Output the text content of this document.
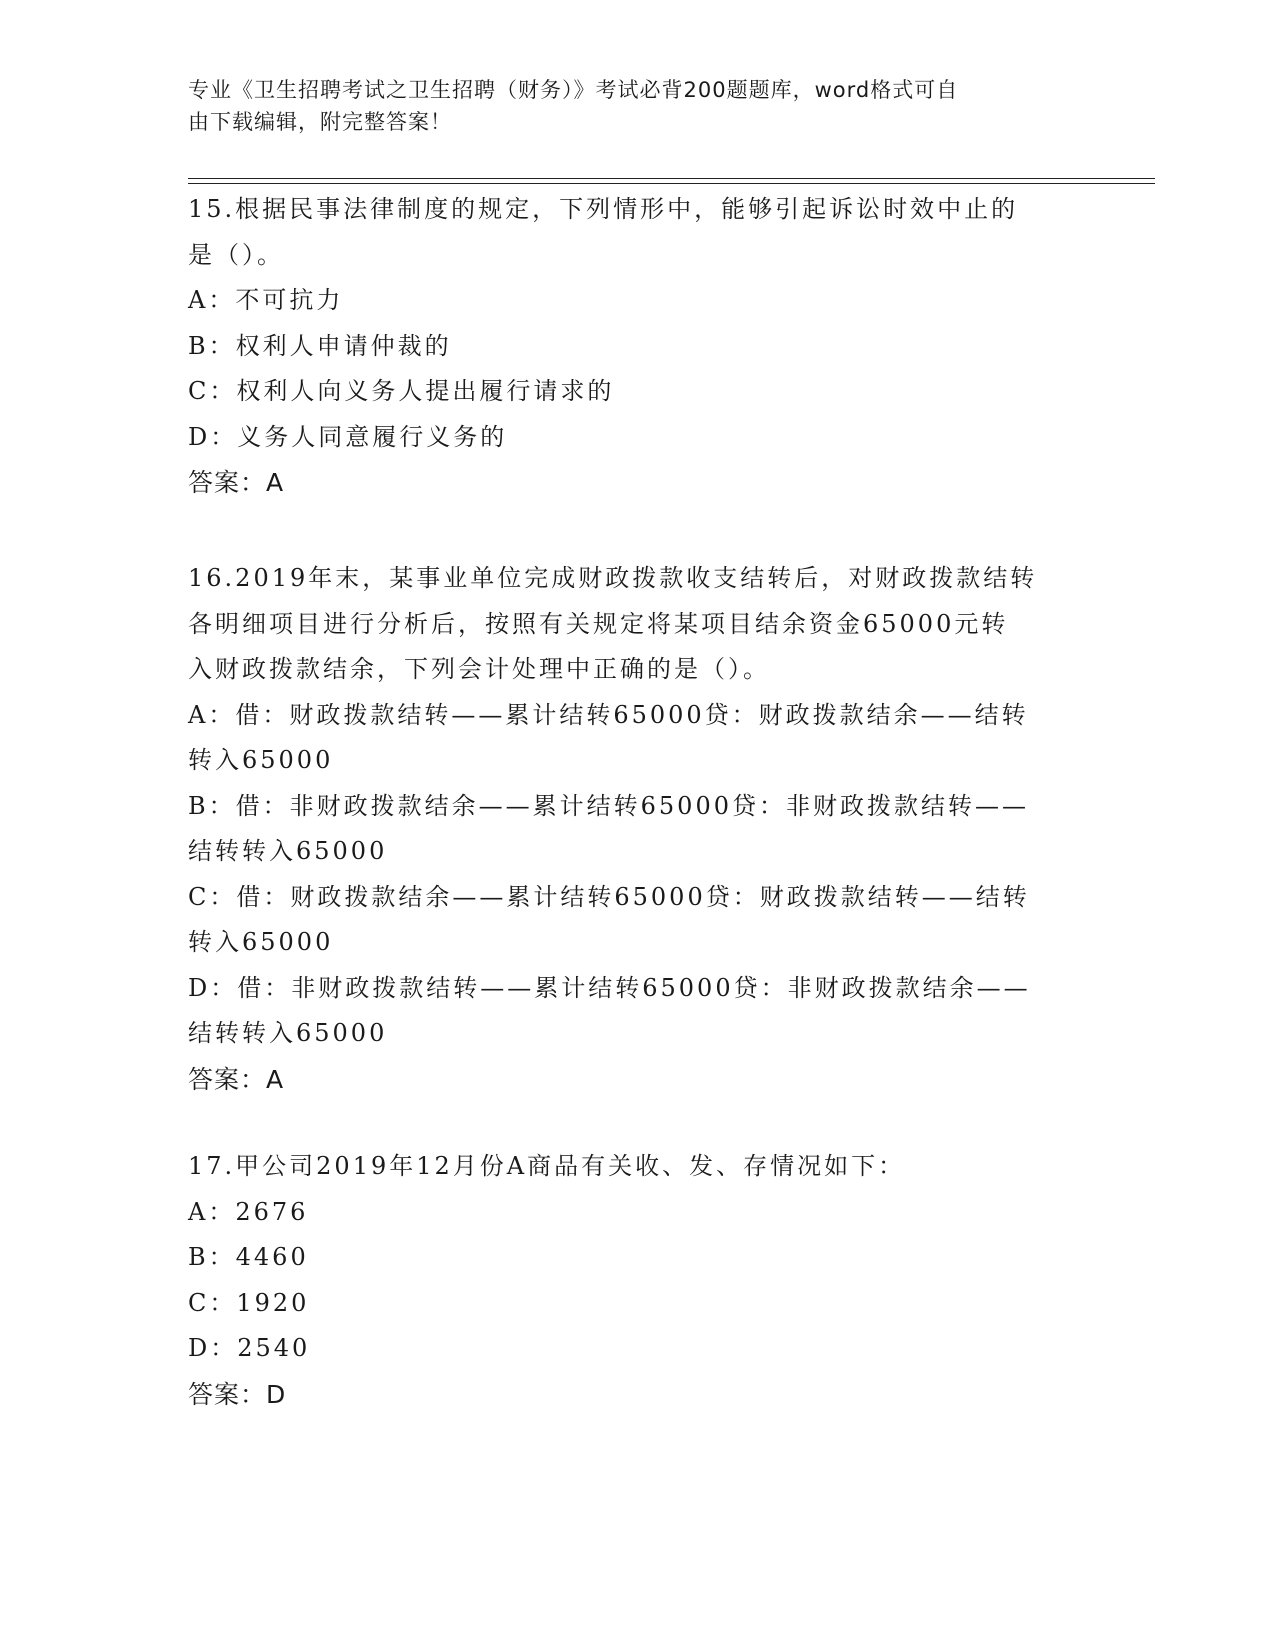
专业《卫生招聘考试之卫生招聘（财务）》考试必背200题题库，word格式可自
由下载编辑，附完整答案！
15.根据民事法律制度的规定，下列情形中，能够引起诉讼时效中止的
是（）。
A：不可抗力
B：权利人申请仲裁的
C：权利人向义务人提出履行请求的
D：义务人同意履行义务的
答案：A
16.2019年末，某事业单位完成财政拨款收支结转后，对财政拨款结转
各明细项目进行分析后，按照有关规定将某项目结余资金65000元转
入财政拨款结余，下列会计处理中正确的是（）。
A：借：财政拨款结转——累计结转65000贷：财政拨款结余——结转
转入65000
B：借：非财政拨款结余——累计结转65000贷：非财政拨款结转——
结转转入65000
C：借：财政拨款结余——累计结转65000贷：财政拨款结转——结转
转入65000
D：借：非财政拨款结转——累计结转65000贷：非财政拨款结余——
结转转入65000
答案：A
17.甲公司2019年12月份A商品有关收、发、存情况如下：
A：2676
B：4460
C：1920
D：2540
答案：D
